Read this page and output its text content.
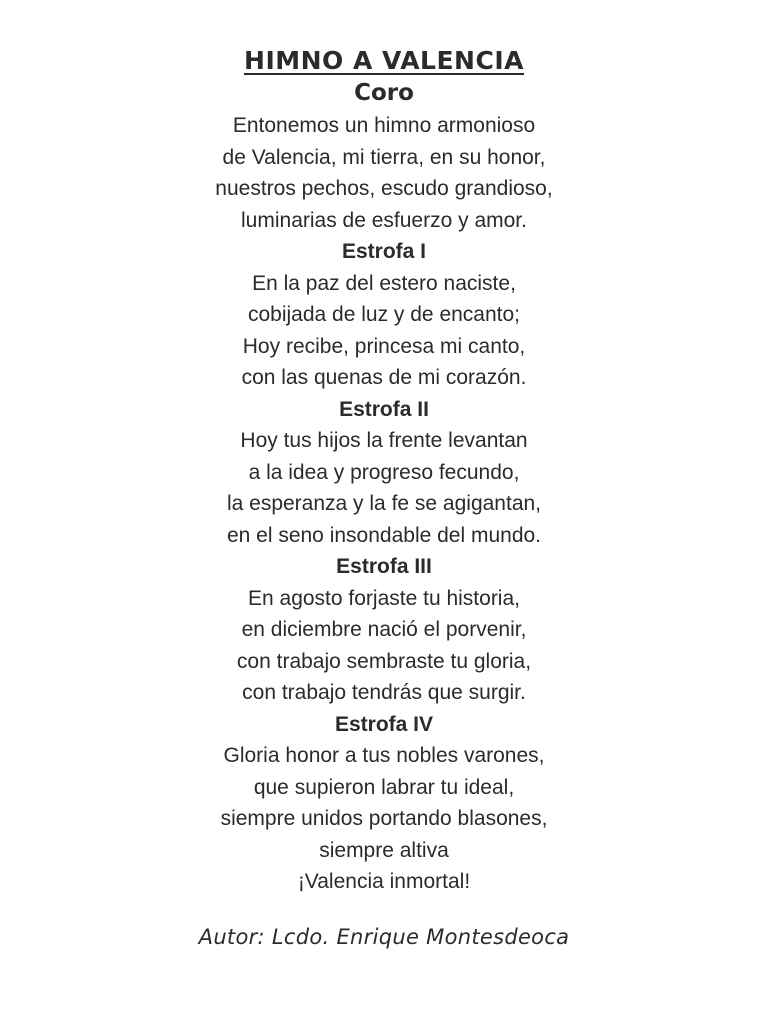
HIMNO A VALENCIA
Coro
Entonemos un himno armonioso
de Valencia, mi tierra, en su honor,
nuestros pechos, escudo grandioso,
luminarias de esfuerzo y amor.
Estrofa I
En la paz del estero naciste,
cobijada de luz y de encanto;
Hoy recibe, princesa mi canto,
con las quenas de mi corazón.
Estrofa II
Hoy tus hijos la frente levantan
a la idea y progreso fecundo,
la esperanza y la fe se agigantan,
en el seno insondable del mundo.
Estrofa III
En agosto forjaste tu historia,
en diciembre nació el porvenir,
con trabajo sembraste tu gloria,
con trabajo tendrás que surgir.
Estrofa IV
Gloria honor a tus nobles varones,
que supieron labrar tu ideal,
siempre unidos portando blasones,
siempre altiva
¡Valencia inmortal!
Autor: Lcdo. Enrique Montesdeoca
